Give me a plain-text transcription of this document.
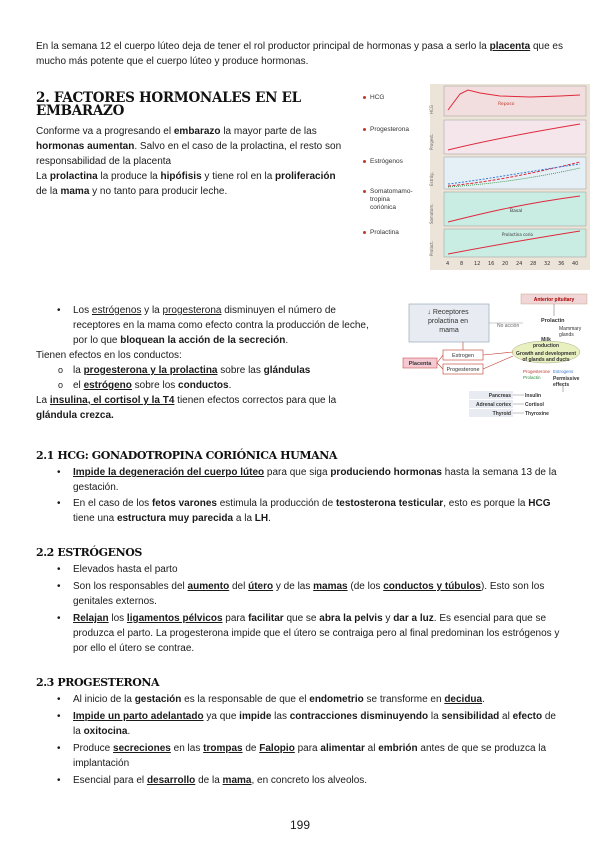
En la semana 12 el cuerpo lúteo deja de tener el rol productor principal de hormonas y pasa a serlo la placenta que es mucho más potente que el cuerpo lúteo y produce hormonas.

2. FACTORES HORMONALES EN EL EMBARAZO

Conforme va a progresando el embarazo la mayor parte de las hormonas aumentan. Salvo en el caso de la prolactina, el resto son responsabilidad de la placenta

La prolactina la produce la hipófisis y tiene rol en la proliferación de la mama y no tanto para producir leche.

HCG
Progesterona
Estrógenos
Somatomamo-
tropina
coriónica
Prolactina
HCG
Progest.
Estróg.
Somatom.
Prolact.
Reposo
Basal
Prolactina corio
4 8 12 16 20 24 28 32 36 40
• Los estrógenos y la progesterona disminuyen el número de receptores en la mama como efecto contra la producción de leche, por lo que bloquean la acción de la secreción.

Tienen efectos en los conductos:

o la progesterona y la prolactina sobre las glándulas
o el estrógeno sobre los conductos.

La insulina, el cortisol y la T4 tienen efectos correctos para que la glándula crezca.

↓ Receptores prolactina en mama
No acción
Anterior pituitary
Prolactin
Mammary glands
Milk production
Growth and development of glands and ducts
Progesterone Estrogens
Prolactin Permissive effects
Estrogen
Progesterone
Placenta
Pancreas	Insulin
Adrenal cortex	Cortisol
Thyroid	Thyroxine
2.1 HCG: GONADOTROPINA CORIÓNICA HUMANA
• Impide la degeneración del cuerpo lúteo para que siga produciendo hormonas hasta la semana 13 de la gestación.
• En el caso de los fetos varones estimula la producción de testosterona testicular, esto es porque la HCG tiene una estructura muy parecida a la LH.
2.2 ESTRÓGENOS
• Elevados hasta el parto
• Son los responsables del aumento del útero y de las mamas (de los conductos y túbulos). Esto son los genitales externos.
• Relajan los ligamentos pélvicos para facilitar que se abra la pelvis y dar a luz. Es esencial para que se produzca el parto. La progesterona impide que el útero se contraiga pero al final predominan los estrógenos y por ello el útero se contrae.
2.3 PROGESTERONA
• Al inicio de la gestación es la responsable de que el endometrio se transforme en decidua.
• Impide un parto adelantado ya que impide las contracciones disminuyendo la sensibilidad al efecto de la oxitocina.
• Produce secreciones en las trompas de Falopio para alimentar al embrión antes de que se produzca la implantación
• Esencial para el desarrollo de la mama, en concreto los alveolos.
199
